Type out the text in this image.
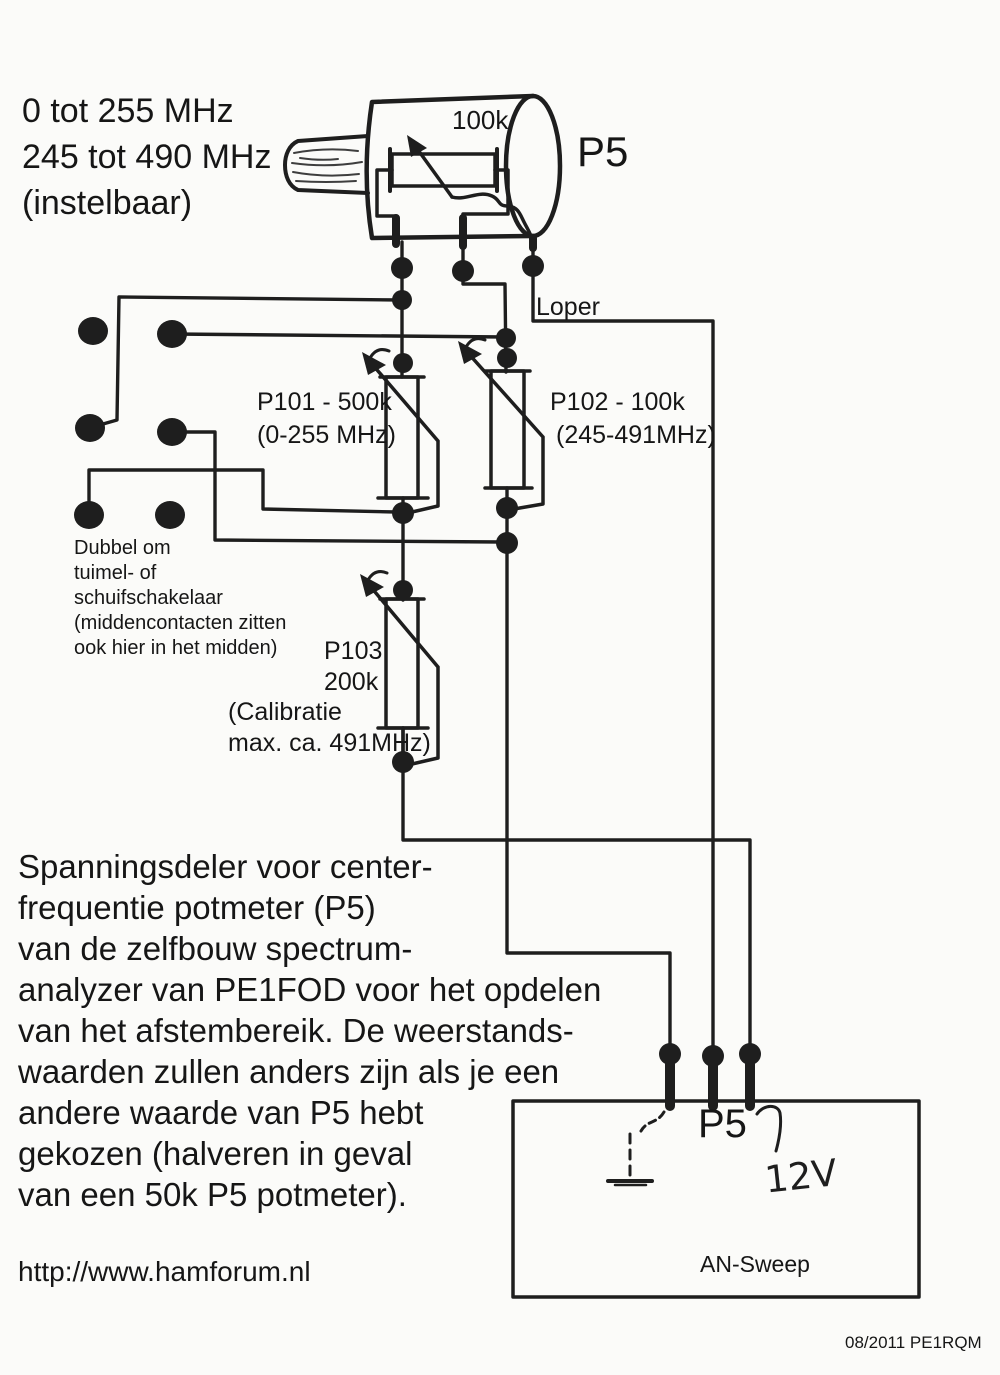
12V
0 tot 255 MHz
245 tot 490 MHz
(instelbaar)
100k
P5
Loper
P101 - 500k
(0-255 MHz)
P102 - 100k
(245-491MHz)
Dubbel om
tuimel- of
schuifschakelaar
(middencontacten zitten
ook hier in het midden)	P103
200k
(Calibratie
max. ca. 491MHz)
Spanningsdeler voor center-
frequentie potmeter (P5)
van de zelfbouw spectrum-
analyzer van PE1FOD voor het opdelen
van het afstembereik. De weerstands-
waarden zullen anders zijn als je een
andere waarde van P5 hebt
gekozen (halveren in geval
van een 50k P5 potmeter).
http://www.hamforum.nl
P5
AN-Sweep
08/2011 PE1RQM
